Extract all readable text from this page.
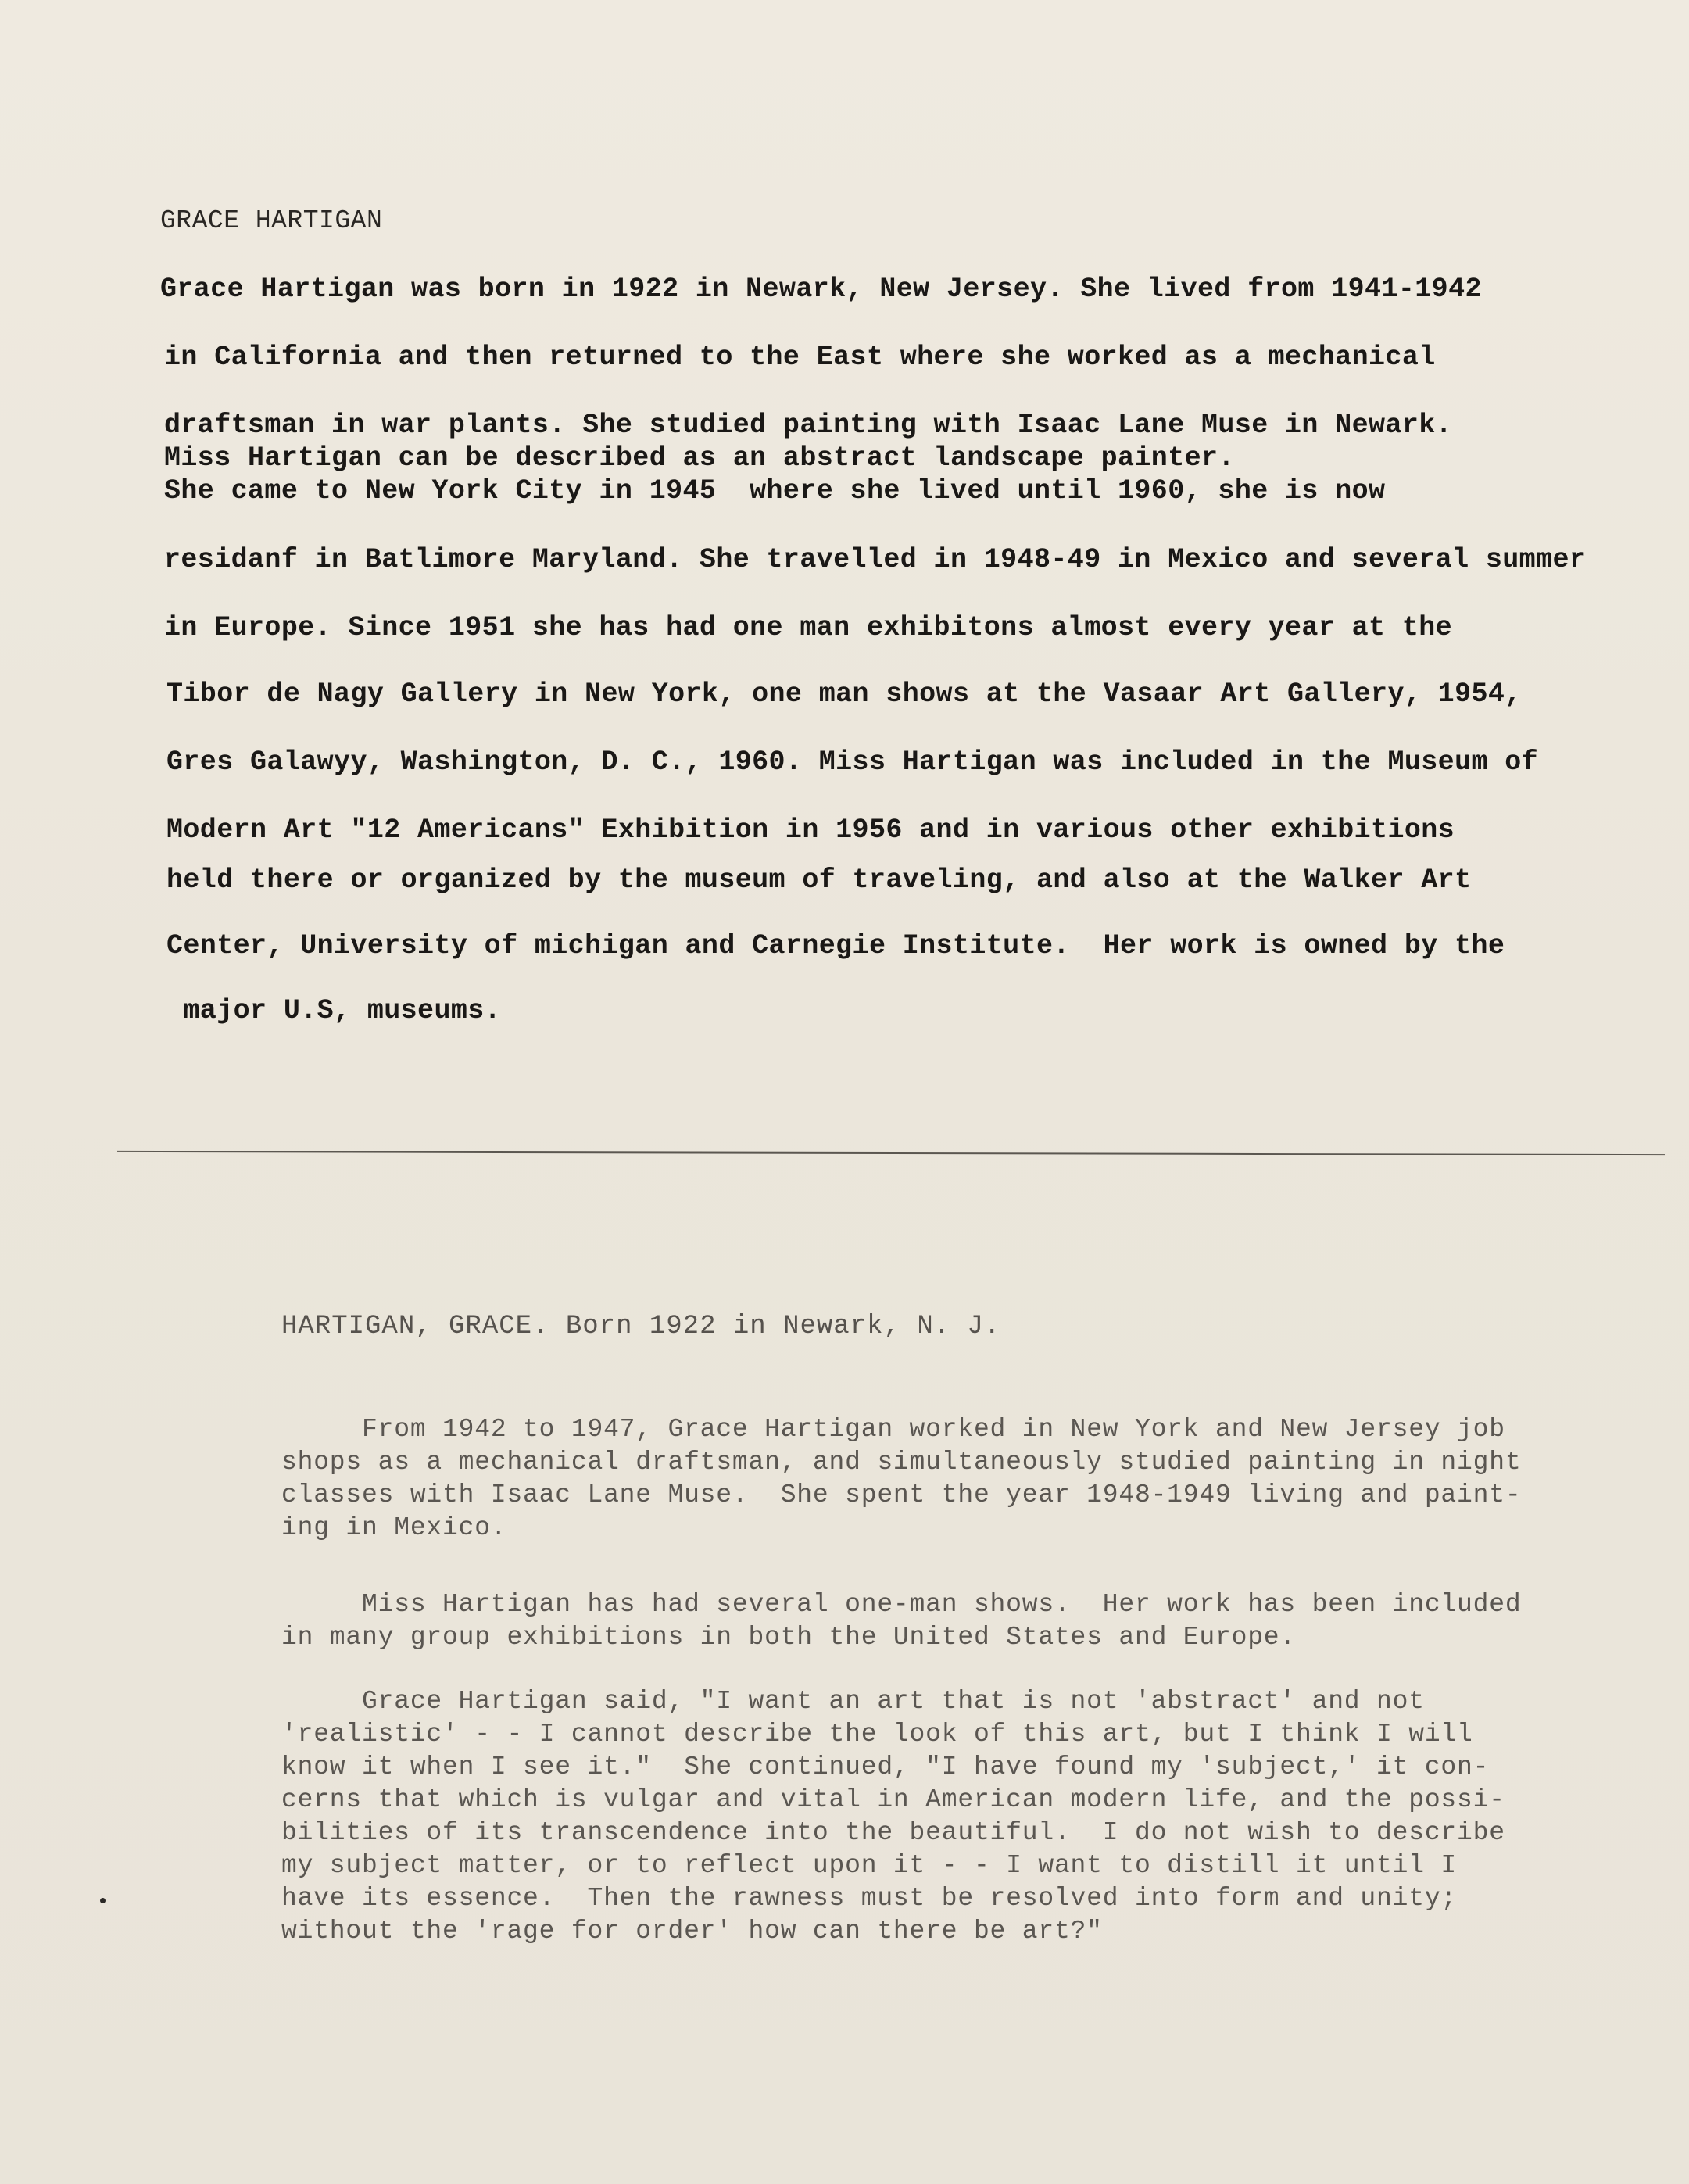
GRACE HARTIGAN
Grace Hartigan was born in 1922 in Newark, New Jersey. She lived from 1941-1942
in California and then returned to the East where she worked as a mechanical
draftsman in war plants. She studied painting with Isaac Lane Muse in Newark.
Miss Hartigan can be described as an abstract landscape painter.
She came to New York City in 1945  where she lived until 1960, she is now
residanf in Batlimore Maryland. She travelled in 1948-49 in Mexico and several summer
in Europe. Since 1951 she has had one man exhibitons almost every year at the
Tibor de Nagy Gallery in New York, one man shows at the Vasaar Art Gallery, 1954,
Gres Galawyy, Washington, D. C., 1960. Miss Hartigan was included in the Museum of
Modern Art "12 Americans" Exhibition in 1956 and in various other exhibitions
held there or organized by the museum of traveling, and also at the Walker Art
Center, University of michigan and Carnegie Institute.  Her work is owned by the
major U.S, museums.
HARTIGAN, GRACE. Born 1922 in Newark, N. J.
From 1942 to 1947, Grace Hartigan worked in New York and New Jersey job
shops as a mechanical draftsman, and simultaneously studied painting in night
classes with Isaac Lane Muse.  She spent the year 1948-1949 living and paint-
ing in Mexico.
Miss Hartigan has had several one-man shows.  Her work has been included
in many group exhibitions in both the United States and Europe.
Grace Hartigan said, "I want an art that is not 'abstract' and not
'realistic' - - I cannot describe the look of this art, but I think I will
know it when I see it."  She continued, "I have found my 'subject,' it con-
cerns that which is vulgar and vital in American modern life, and the possi-
bilities of its transcendence into the beautiful.  I do not wish to describe
my subject matter, or to reflect upon it - - I want to distill it until I
have its essence.  Then the rawness must be resolved into form and unity;
without the 'rage for order' how can there be art?"
